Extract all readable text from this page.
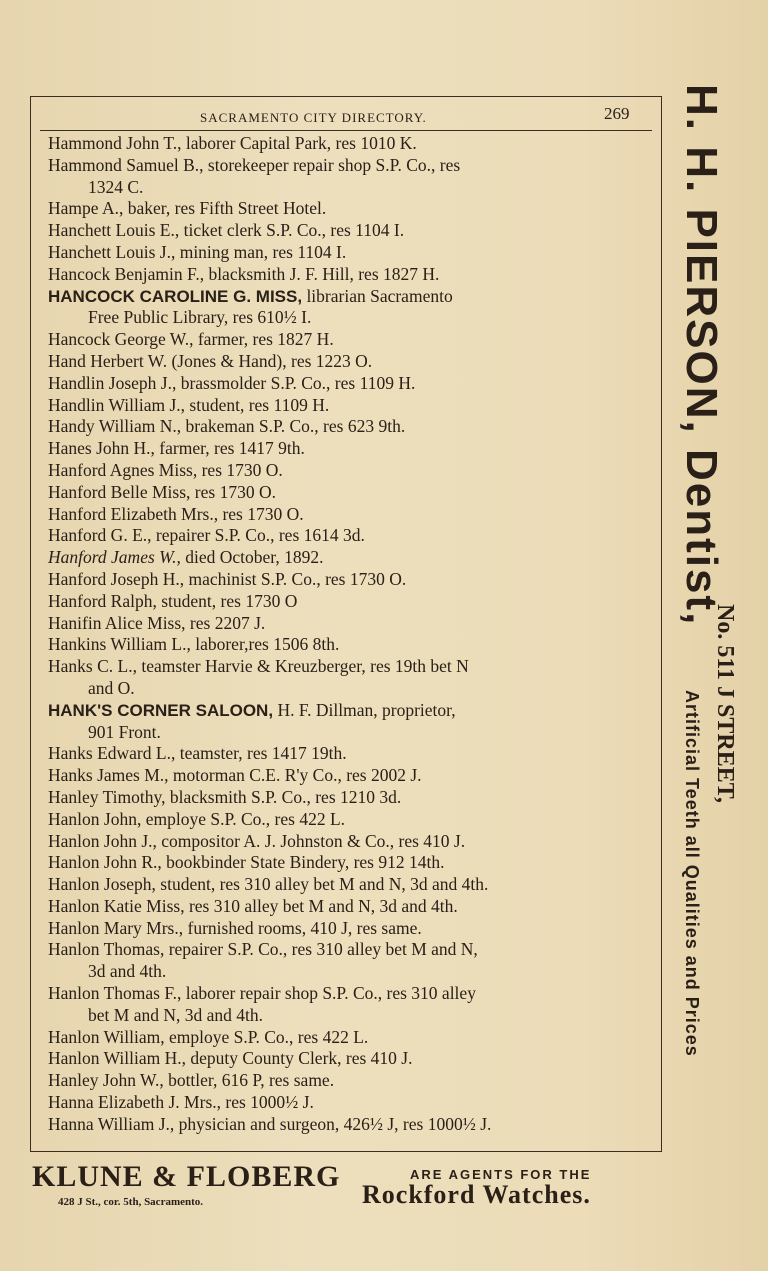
SACRAMENTO CITY DIRECTORY.	269
Hammond John T., laborer Capital Park, res 1010 K.
Hammond Samuel B., storekeeper repair shop S.P. Co., res
1324 C.
Hampe A., baker, res Fifth Street Hotel.
Hanchett Louis E., ticket clerk S.P. Co., res 1104 I.
Hanchett Louis J., mining man, res 1104 I.
Hancock Benjamin F., blacksmith J. F. Hill, res 1827 H.
HANCOCK CAROLINE G. MISS, librarian Sacramento
Free Public Library, res 610½ I.
Hancock George W., farmer, res 1827 H.
Hand Herbert W. (Jones & Hand), res 1223 O.
Handlin Joseph J., brassmolder S.P. Co., res 1109 H.
Handlin William J., student, res 1109 H.
Handy William N., brakeman S.P. Co., res 623 9th.
Hanes John H., farmer, res 1417 9th.
Hanford Agnes Miss, res 1730 O.
Hanford Belle Miss, res 1730 O.
Hanford Elizabeth Mrs., res 1730 O.
Hanford G. E., repairer S.P. Co., res 1614 3d.
Hanford James W., died October, 1892.
Hanford Joseph H., machinist S.P. Co., res 1730 O.
Hanford Ralph, student, res 1730 O
Hanifin Alice Miss, res 2207 J.
Hankins William L., laborer,res 1506 8th.
Hanks C. L., teamster Harvie & Kreuzberger, res 19th bet N
and O.
HANK'S CORNER SALOON, H. F. Dillman, proprietor,
901 Front.
Hanks Edward L., teamster, res 1417 19th.
Hanks James M., motorman C.E. R'y Co., res 2002 J.
Hanley Timothy, blacksmith S.P. Co., res 1210 3d.
Hanlon John, employe S.P. Co., res 422 L.
Hanlon John J., compositor A. J. Johnston & Co., res 410 J.
Hanlon John R., bookbinder State Bindery, res 912 14th.
Hanlon Joseph, student, res 310 alley bet M and N, 3d and 4th.
Hanlon Katie Miss, res 310 alley bet M and N, 3d and 4th.
Hanlon Mary Mrs., furnished rooms, 410 J, res same.
Hanlon Thomas, repairer S.P. Co., res 310 alley bet M and N,
3d and 4th.
Hanlon Thomas F., laborer repair shop S.P. Co., res 310 alley
bet M and N, 3d and 4th.
Hanlon William, employe S.P. Co., res 422 L.
Hanlon William H., deputy County Clerk, res 410 J.
Hanley John W., bottler, 616 P, res same.
Hanna Elizabeth J. Mrs., res 1000½ J.
Hanna William J., physician and surgeon, 426½ J, res 1000½ J.
H. H. PIERSON, Dentist,
No. 511 J STREET,
Artificial Teeth all Qualities and Prices
KLUNE & FLOBERG
428 J St., cor. 5th, Sacramento.
ARE AGENTS FOR THE
Rockford Watches.
